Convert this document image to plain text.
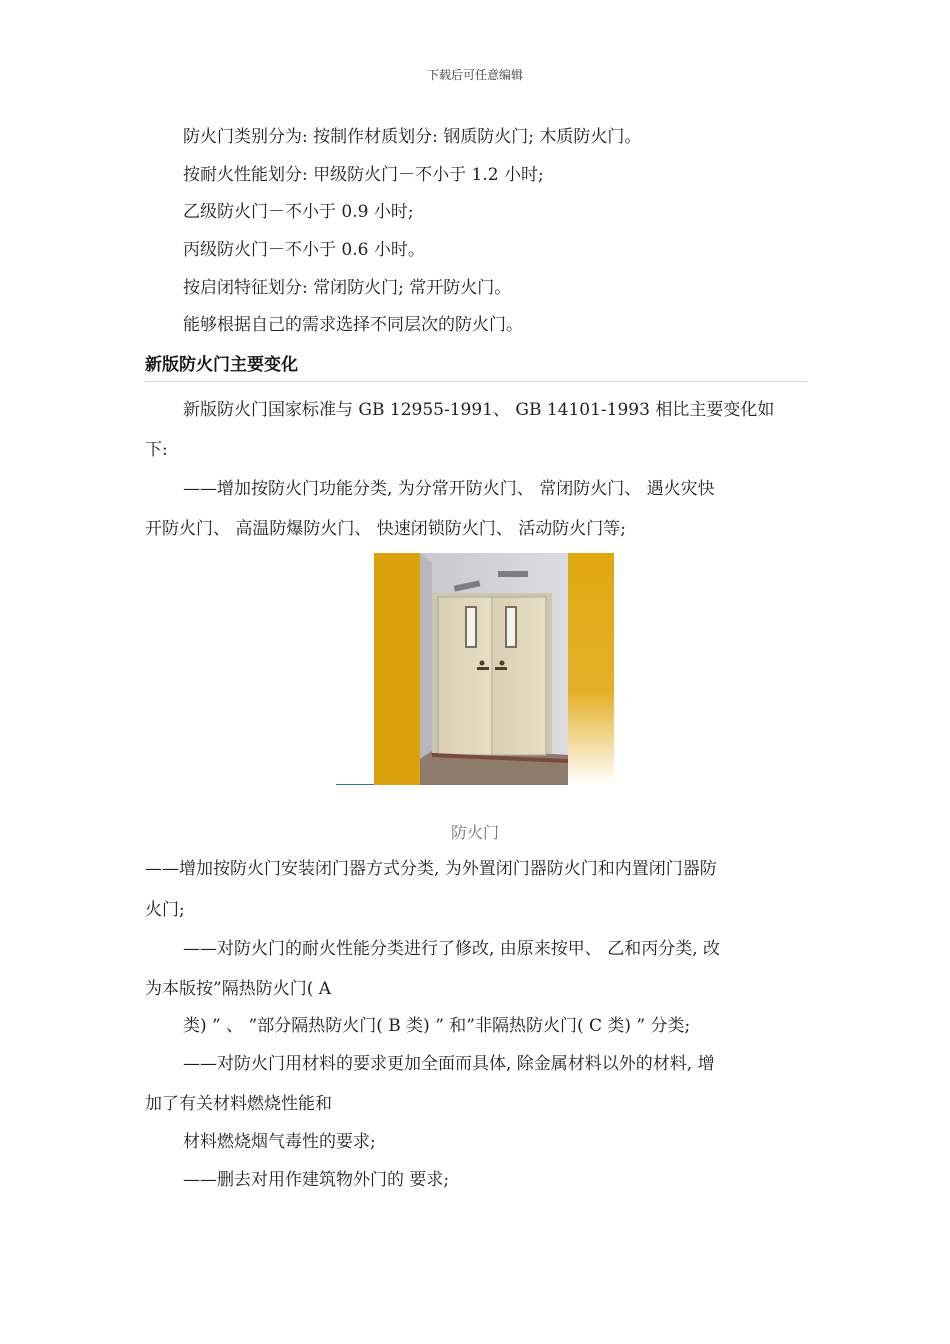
下载后可任意编辑
防火门类别分为: 按制作材质划分: 钢质防火门; 木质防火门。
按耐火性能划分: 甲级防火门－不小于 1.2 小时;
乙级防火门－不小于 0.9 小时;
丙级防火门－不小于 0.6 小时。
按启闭特征划分: 常闭防火门; 常开防火门。
能够根据自己的需求选择不同层次的防火门。
新版防火门主要变化
新版防火门国家标准与 GB 12955-1991、 GB 14101-1993 相比主要变化如
下:
——增加按防火门功能分类, 为分常开防火门、 常闭防火门、 遇火灾快
开防火门、 高温防爆防火门、 快速闭锁防火门、 活动防火门等;
防火门
——增加按防火门安装闭门器方式分类, 为外置闭门器防火门和内置闭门器防
火门;
——对防火门的耐火性能分类进行了修改, 由原来按甲、 乙和丙分类, 改
为本版按”隔热防火门( A
类) ” 、 ”部分隔热防火门( B 类) ” 和”非隔热防火门( C 类) ” 分类;
——对防火门用材料的要求更加全面而具体, 除金属材料以外的材料, 增
加了有关材料燃烧性能和
材料燃烧烟气毒性的要求;
——删去对用作建筑物外门的 要求;
